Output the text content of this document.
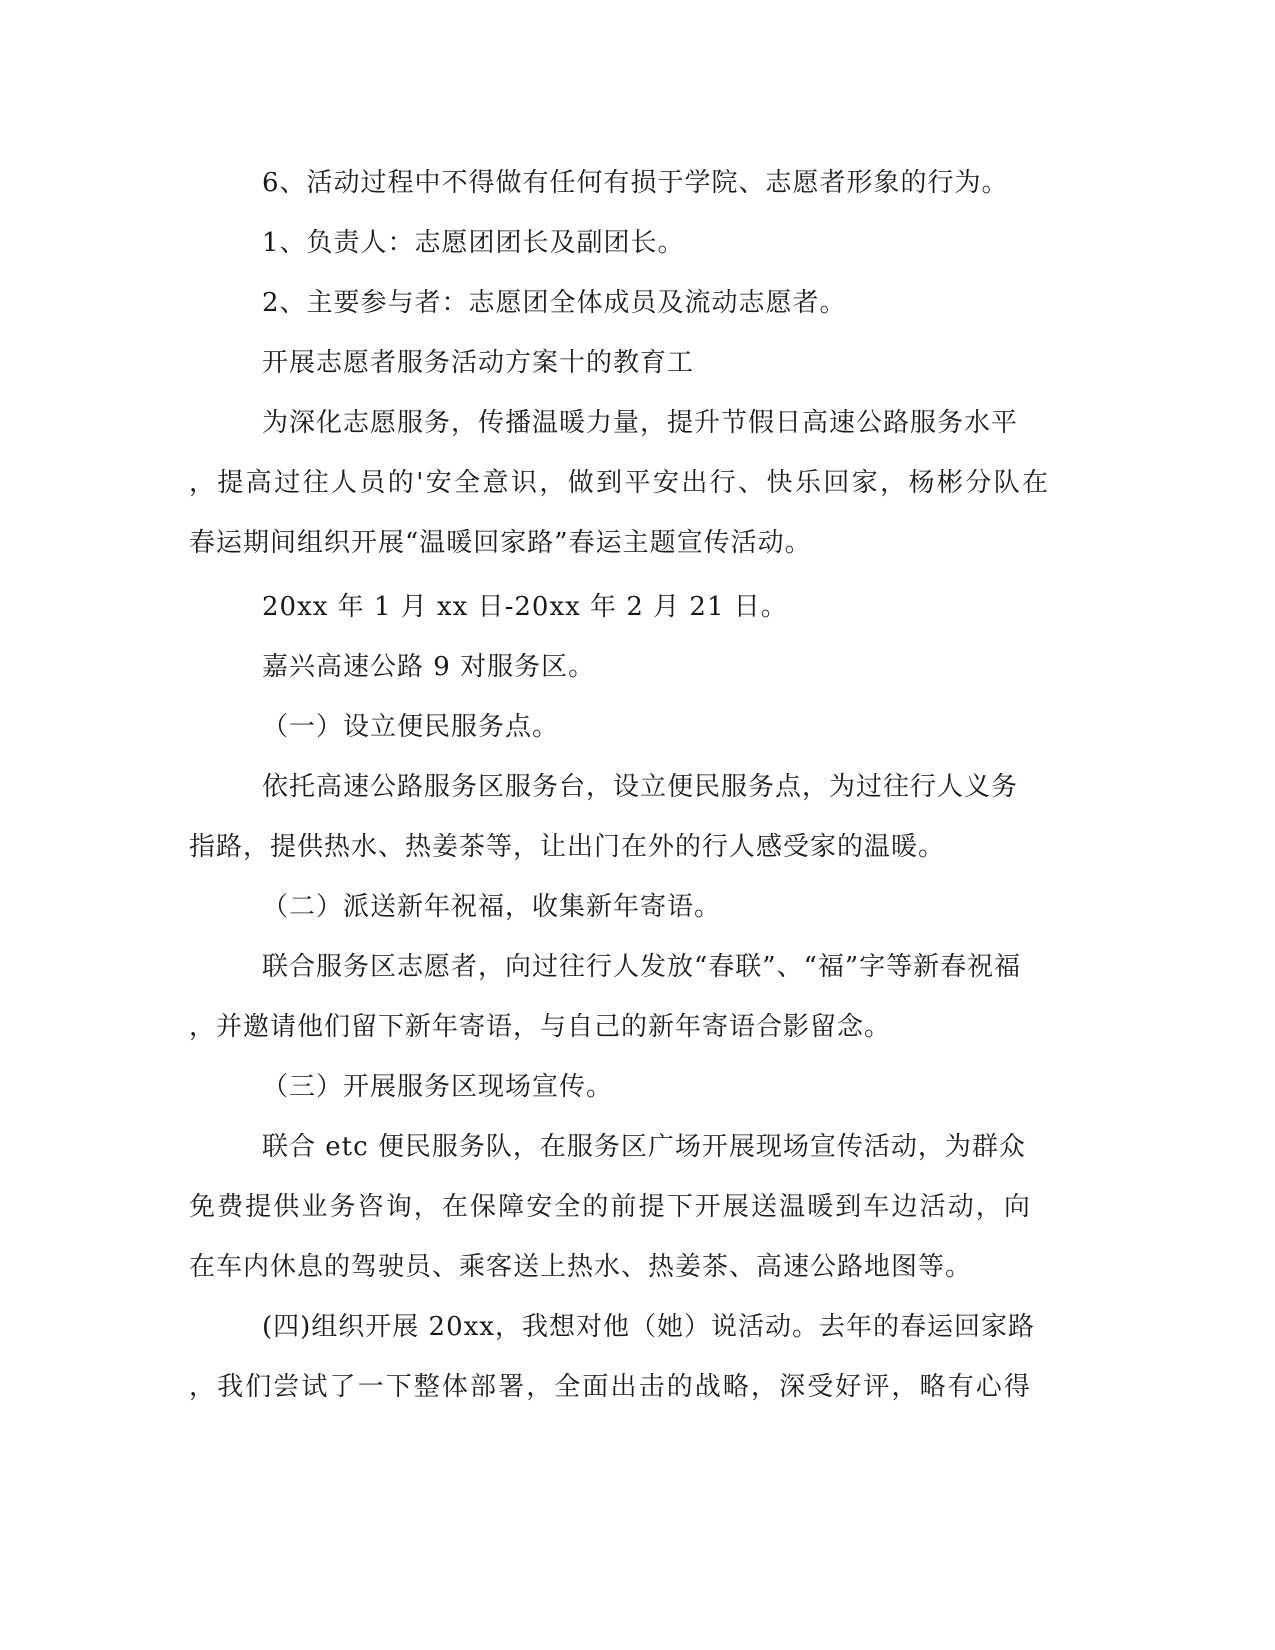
6、活动过程中不得做有任何有损于学院、志愿者形象的行为。
1、负责人：志愿团团长及副团长。
2、主要参与者：志愿团全体成员及流动志愿者。
开展志愿者服务活动方案十的教育工
为深化志愿服务，传播温暖力量，提升节假日高速公路服务水平
，提高过往人员的'安全意识，做到平安出行、快乐回家，杨彬分队在
春运期间组织开展“温暖回家路”春运主题宣传活动。
20xx 年 1 月 xx 日-20xx 年 2 月 21 日。
嘉兴高速公路 9 对服务区。
（一）设立便民服务点。
依托高速公路服务区服务台，设立便民服务点，为过往行人义务
指路，提供热水、热姜茶等，让出门在外的行人感受家的温暖。
（二）派送新年祝福，收集新年寄语。
联合服务区志愿者，向过往行人发放“春联”、“福”字等新春祝福
，并邀请他们留下新年寄语，与自己的新年寄语合影留念。
（三）开展服务区现场宣传。
联合 etc 便民服务队，在服务区广场开展现场宣传活动，为群众
免费提供业务咨询，在保障安全的前提下开展送温暖到车边活动，向
在车内休息的驾驶员、乘客送上热水、热姜茶、高速公路地图等。
(四)组织开展 20xx，我想对他（她）说活动。去年的春运回家路
，我们尝试了一下整体部署，全面出击的战略，深受好评，略有心得
